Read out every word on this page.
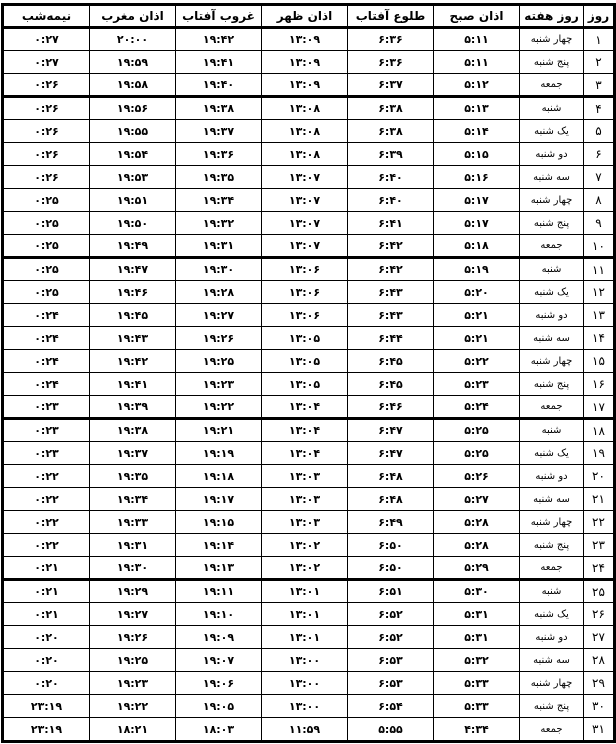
روز	روز هفته	اذان صبح	طلوع آفتاب	اذان ظهر	غروب آفتاب	اذان مغرب	نیمه‌شب
۱	چهار شنبه	۵:۱۱	۶:۳۶	۱۳:۰۹	۱۹:۴۲	۲۰:۰۰	۰:۲۷
۲	پنج شنبه	۵:۱۱	۶:۳۶	۱۳:۰۹	۱۹:۴۱	۱۹:۵۹	۰:۲۷
۳	جمعه	۵:۱۲	۶:۳۷	۱۳:۰۹	۱۹:۴۰	۱۹:۵۸	۰:۲۶
۴	شنبه	۵:۱۳	۶:۳۸	۱۳:۰۸	۱۹:۳۸	۱۹:۵۶	۰:۲۶
۵	یک شنبه	۵:۱۴	۶:۳۸	۱۳:۰۸	۱۹:۳۷	۱۹:۵۵	۰:۲۶
۶	دو شنبه	۵:۱۵	۶:۳۹	۱۳:۰۸	۱۹:۳۶	۱۹:۵۴	۰:۲۶
۷	سه شنبه	۵:۱۶	۶:۴۰	۱۳:۰۷	۱۹:۳۵	۱۹:۵۳	۰:۲۶
۸	چهار شنبه	۵:۱۷	۶:۴۰	۱۳:۰۷	۱۹:۳۴	۱۹:۵۱	۰:۲۵
۹	پنج شنبه	۵:۱۷	۶:۴۱	۱۳:۰۷	۱۹:۳۲	۱۹:۵۰	۰:۲۵
۱۰	جمعه	۵:۱۸	۶:۴۲	۱۳:۰۷	۱۹:۳۱	۱۹:۴۹	۰:۲۵
۱۱	شنبه	۵:۱۹	۶:۴۲	۱۳:۰۶	۱۹:۳۰	۱۹:۴۷	۰:۲۵
۱۲	یک شنبه	۵:۲۰	۶:۴۳	۱۳:۰۶	۱۹:۲۸	۱۹:۴۶	۰:۲۵
۱۳	دو شنبه	۵:۲۱	۶:۴۳	۱۳:۰۶	۱۹:۲۷	۱۹:۴۵	۰:۲۴
۱۴	سه شنبه	۵:۲۱	۶:۴۴	۱۳:۰۵	۱۹:۲۶	۱۹:۴۳	۰:۲۴
۱۵	چهار شنبه	۵:۲۲	۶:۴۵	۱۳:۰۵	۱۹:۲۵	۱۹:۴۲	۰:۲۴
۱۶	پنج شنبه	۵:۲۳	۶:۴۵	۱۳:۰۵	۱۹:۲۳	۱۹:۴۱	۰:۲۴
۱۷	جمعه	۵:۲۴	۶:۴۶	۱۳:۰۴	۱۹:۲۲	۱۹:۳۹	۰:۲۳
۱۸	شنبه	۵:۲۵	۶:۴۷	۱۳:۰۴	۱۹:۲۱	۱۹:۳۸	۰:۲۳
۱۹	یک شنبه	۵:۲۵	۶:۴۷	۱۳:۰۴	۱۹:۱۹	۱۹:۳۷	۰:۲۳
۲۰	دو شنبه	۵:۲۶	۶:۴۸	۱۳:۰۳	۱۹:۱۸	۱۹:۳۵	۰:۲۲
۲۱	سه شنبه	۵:۲۷	۶:۴۸	۱۳:۰۳	۱۹:۱۷	۱۹:۳۴	۰:۲۲
۲۲	چهار شنبه	۵:۲۸	۶:۴۹	۱۳:۰۳	۱۹:۱۵	۱۹:۳۳	۰:۲۲
۲۳	پنج شنبه	۵:۲۸	۶:۵۰	۱۳:۰۲	۱۹:۱۴	۱۹:۳۱	۰:۲۲
۲۴	جمعه	۵:۲۹	۶:۵۰	۱۳:۰۲	۱۹:۱۳	۱۹:۳۰	۰:۲۱
۲۵	شنبه	۵:۳۰	۶:۵۱	۱۳:۰۱	۱۹:۱۱	۱۹:۲۹	۰:۲۱
۲۶	یک شنبه	۵:۳۱	۶:۵۲	۱۳:۰۱	۱۹:۱۰	۱۹:۲۷	۰:۲۱
۲۷	دو شنبه	۵:۳۱	۶:۵۲	۱۳:۰۱	۱۹:۰۹	۱۹:۲۶	۰:۲۰
۲۸	سه شنبه	۵:۳۲	۶:۵۳	۱۳:۰۰	۱۹:۰۷	۱۹:۲۵	۰:۲۰
۲۹	چهار شنبه	۵:۳۳	۶:۵۳	۱۳:۰۰	۱۹:۰۶	۱۹:۲۳	۰:۲۰
۳۰	پنج شنبه	۵:۳۳	۶:۵۴	۱۳:۰۰	۱۹:۰۵	۱۹:۲۲	۲۳:۱۹
۳۱	جمعه	۴:۳۴	۵:۵۵	۱۱:۵۹	۱۸:۰۳	۱۸:۲۱	۲۳:۱۹
